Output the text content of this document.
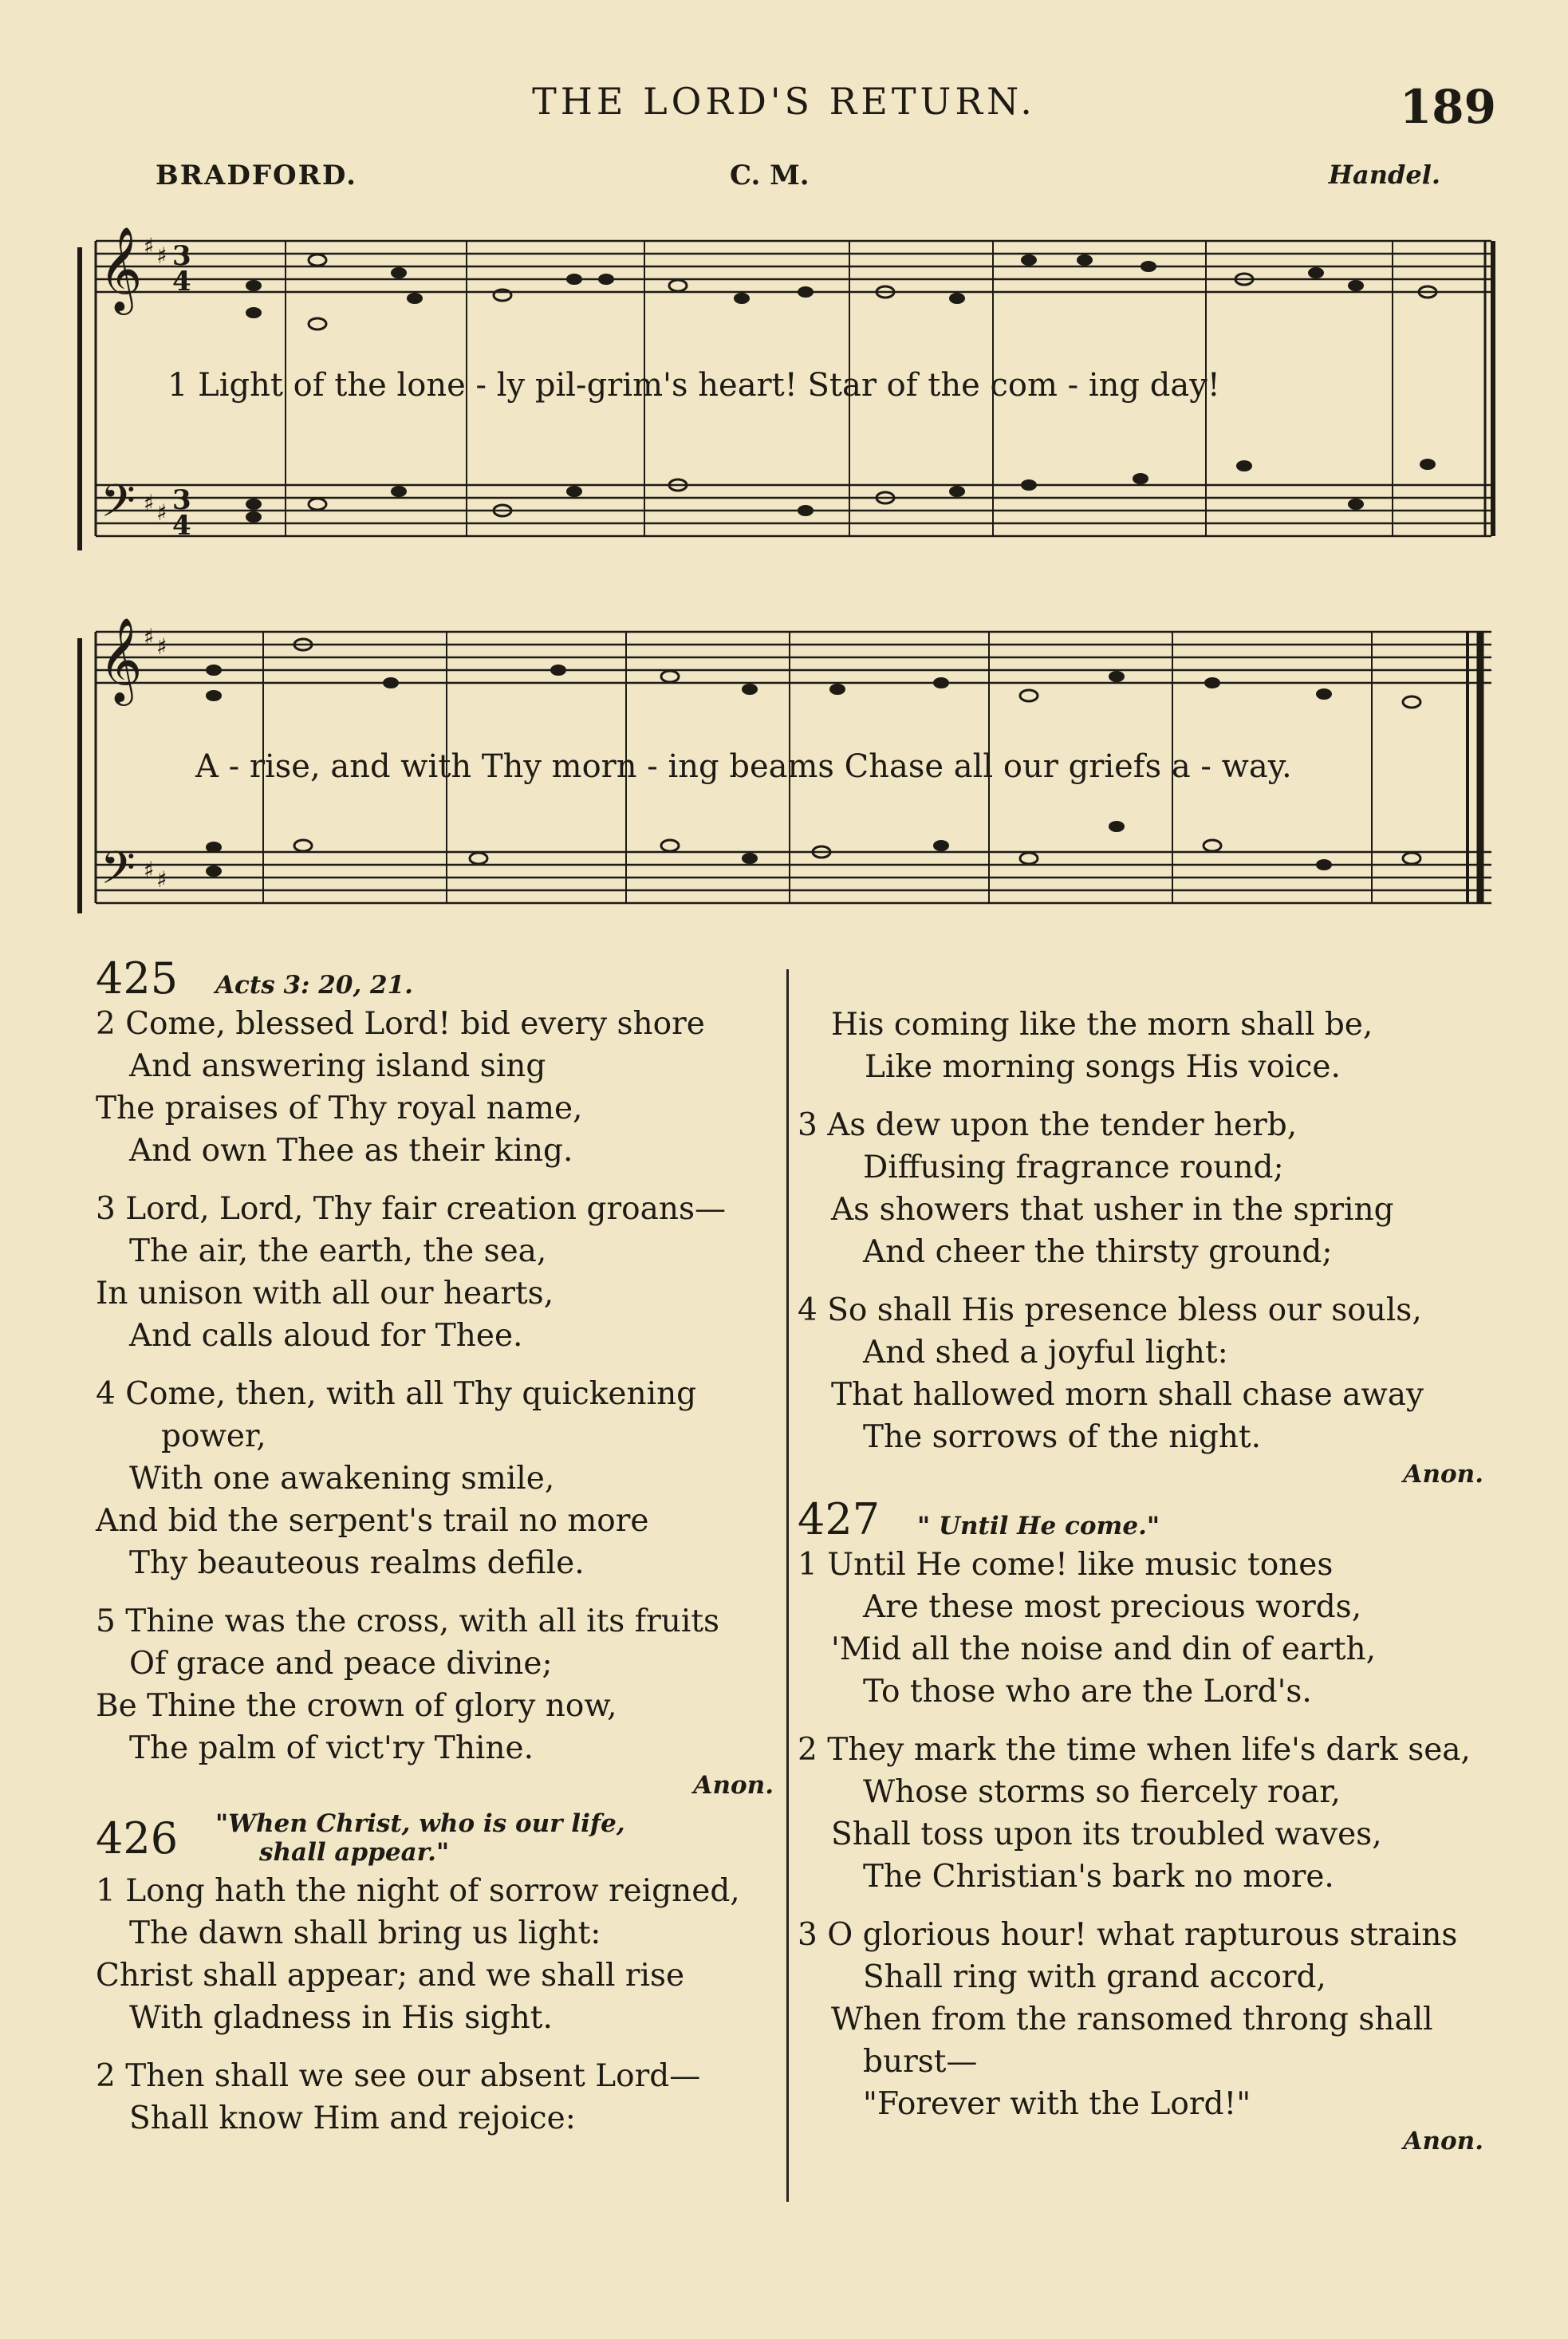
THE LORD'S RETURN.	189
BRADFORD.	C. M.	Handel.
𝄞 ♯ ♯ 3
4
𝄢 ♯ ♯ 3
4
𝄞 ♯ ♯
𝄢 ♯ ♯
1 Light of the lone - ly pil-grim's heart! Star of the com - ing day!
A - rise, and with Thy morn - ing beams Chase all our griefs a - way.
425 Acts 3: 20, 21.
2 Come, blessed Lord! bid every shore
And answering island sing
The praises of Thy royal name,
And own Thee as their king.
3 Lord, Lord, Thy fair creation groans—
The air, the earth, the sea,
In unison with all our hearts,
And calls aloud for Thee.
4 Come, then, with all Thy quickening
power,
With one awakening smile,
And bid the serpent's trail no more
Thy beauteous realms defile.
5 Thine was the cross, with all its fruits
Of grace and peace divine;
Be Thine the crown of glory now,
The palm of vict'ry Thine.
Anon.
426 "When Christ, who is our life,
shall appear."
1 Long hath the night of sorrow reigned,
The dawn shall bring us light:
Christ shall appear; and we shall rise
With gladness in His sight.
2 Then shall we see our absent Lord—
Shall know Him and rejoice:
His coming like the morn shall be,
Like morning songs His voice.
3 As dew upon the tender herb,
Diffusing fragrance round;
As showers that usher in the spring
And cheer the thirsty ground;
4 So shall His presence bless our souls,
And shed a joyful light:
That hallowed morn shall chase away
The sorrows of the night.
Anon.
427 " Until He come."
1 Until He come! like music tones
Are these most precious words,
'Mid all the noise and din of earth,
To those who are the Lord's.
2 They mark the time when life's dark sea,
Whose storms so fiercely roar,
Shall toss upon its troubled waves,
The Christian's bark no more.
3 O glorious hour! what rapturous strains
Shall ring with grand accord,
When from the ransomed throng shall
burst—
"Forever with the Lord!"
Anon.
